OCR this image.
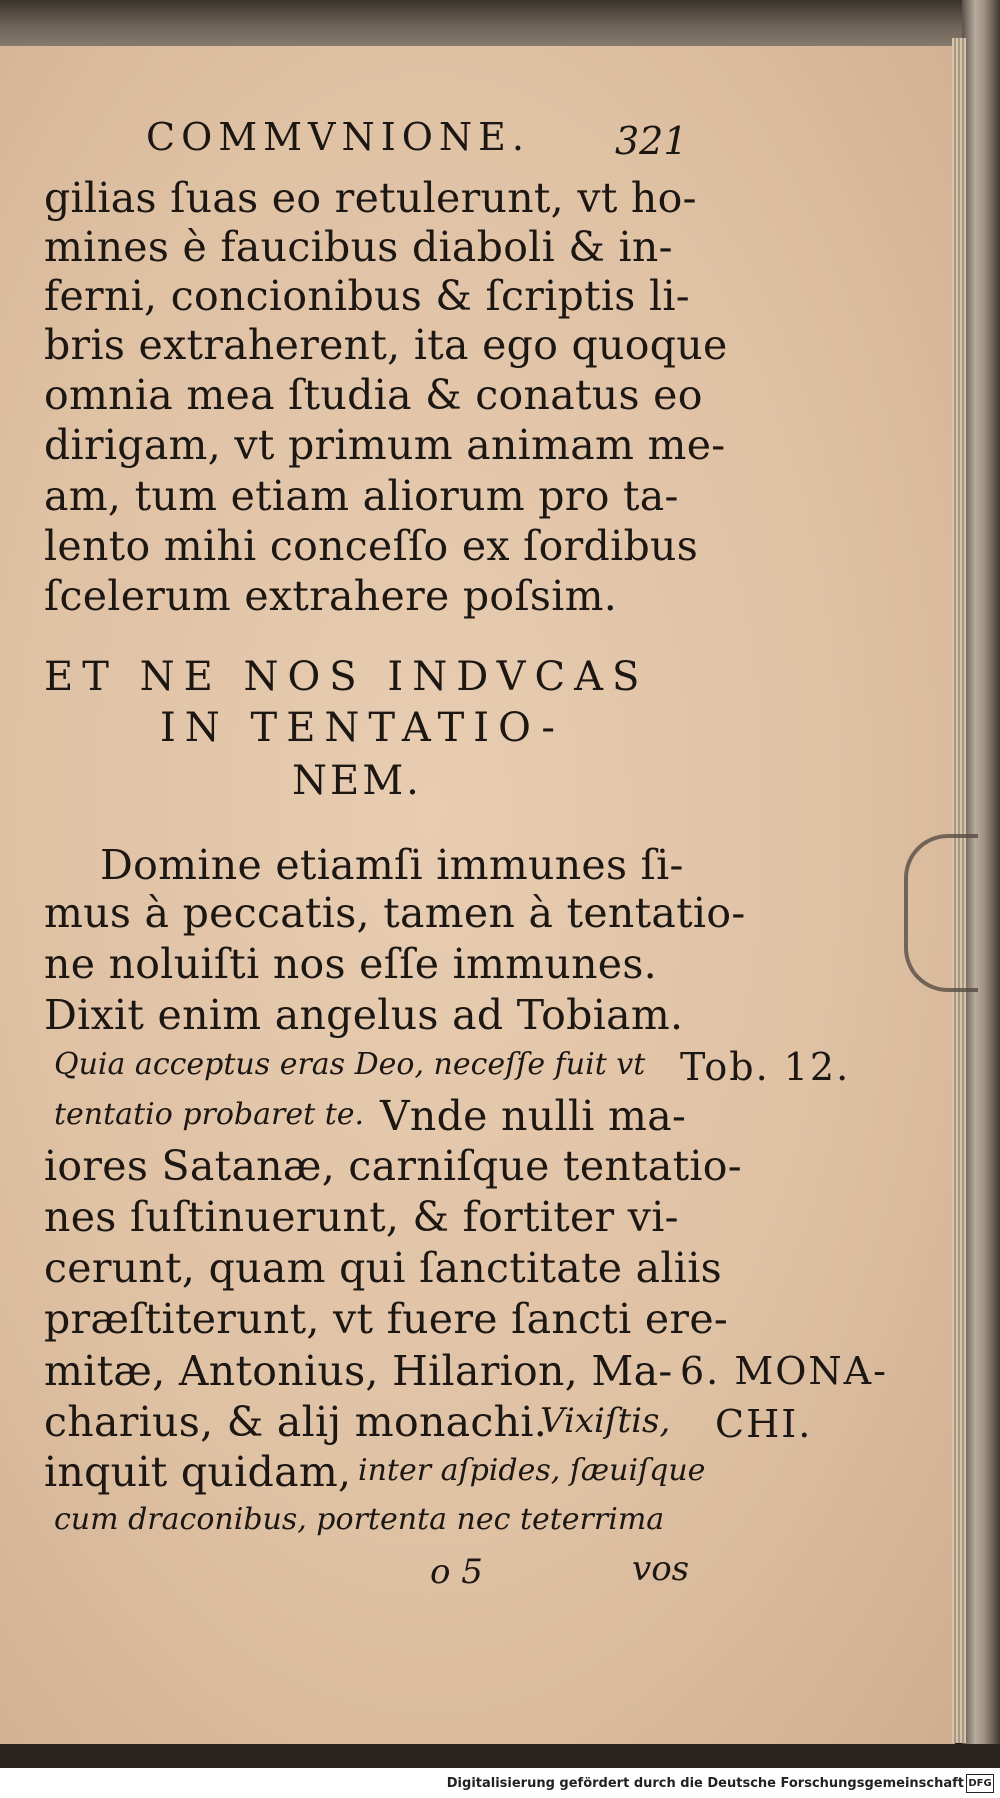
COMMVNIONE. 321
gilias ſuas eo retulerunt, vt ho-
mines è faucibus diaboli & in-
ferni, concionibus & ſcriptis li-
bris extraherent, ita ego quoque
omnia mea ſtudia & conatus eo
dirigam, vt primum animam me-
am, tum etiam aliorum pro ta-
lento mihi conceſſo ex ſordibus
ſcelerum extrahere poſsim.
ET NE NOS INDVCAS
IN TENTATIO-
NEM.
Domine etiamſi immunes ſi-
mus à peccatis, tamen à tentatio-
ne noluiſti nos eſſe immunes.
Dixit enim angelus ad Tobiam.
Quia acceptus eras Deo, neceſſe fuit vt Tob. 12.
tentatio probaret te. Vnde nulli ma-
iores Satanæ, carniſque tentatio-
nes ſuſtinuerunt, & fortiter vi-
cerunt, quam qui ſanctitate aliis
præſtiterunt, vt fuere ſancti ere-
mitæ, Antonius, Hilarion, Ma- 6. MONA-
charius, & alij monachi.
Vixiſtis, CHI.
inquit quidam, inter aſpides, ſæuiſque
cum draconibus, portenta nec teterrima
o 5	vos
Digitalisierung gefördert durch die Deutsche Forschungsgemeinschaft DFG
